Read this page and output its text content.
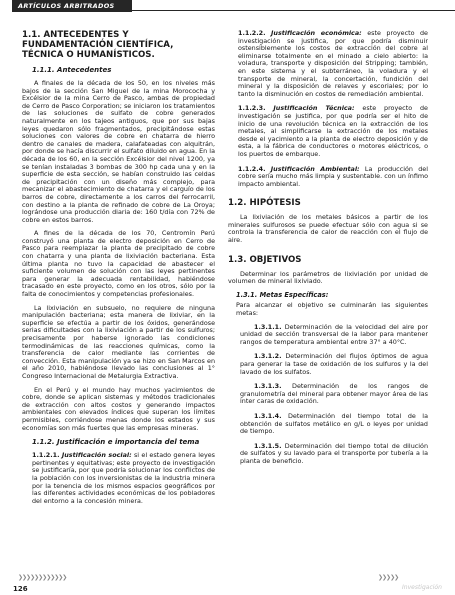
ARTÍCULOS ARBITRADOS
1.1. ANTECEDENTES Y FUNDAMENTACIÓN CIENTÍFICA, TÉCNICA O HUMANÍSTICOS.
1.1.1. Antecedentes

A finales de la década de los 50, en los niveles más bajos de la sección San Miguel de la mina Morococha y Excélsior de la mina Cerro de Pasco, ambas de propiedad de Cerro de Pasco Corporation; se iniciaron los tratamientos de las soluciones de sulfato de cobre generados naturalmente en los tajeos antiguos, que por sus bajas leyes quedaron sólo fragmentados, precipitándose estas soluciones con valores de cobre en chatarra de hierro dentro de canales de madera, calafateadas con alquitrán, por donde se hacía discurrir el sulfato diluido en agua. En la década de los 60, en la sección Excélsior del nivel 1200, ya se tenían instaladas 3 bombas de 300 hp cada una y en la superficie de esta sección, se habían construido las celdas de precipitación con un diseño más complejo, para mecanizar el abastecimiento de chatarra y el carguío de los barros de cobre, directamente a los carros del ferrocarril, con destino a la planta de refinado de cobre de La Oroya; lográndose una producción diaria de: 160 t/día con 72% de cobre en estos barros.

A fines de la década de los 70, Centromín Perú construyó una planta de electro deposición en Cerro de Pasco para reemplazar la planta de precipitado de cobre con chatarra y una planta de lixiviación bacteriana. Esta última planta no tuvo la capacidad de abastecer el suficiente volumen de solución con las leyes pertinentes para generar la adecuada rentabilidad, habiéndose tracasado en este proyecto, como en los otros, sólo por la falta de conocimientos y competencias profesionales.

La lixiviación en subsuelo, no requiere de ninguna manipulación bacteriana; esta manera de lixiviar, en la superficie se efectúa a partir de los óxidos, generándose serias dificultades con la lixiviación a partir de los sulfuros; precisamente por haberse ignorado las condiciones termodinámicas de las reacciones químicas, como la transferencia de calor mediante las corrientes de convección. Esta manipulación ya se hizo en San Marcos en el año 2010, habiéndose llevado las conclusiones al 1° Congreso Internacional de Metalurgia Extractiva.

En el Perú y el mundo hay muchos yacimientos de cobre, donde se aplican sistemas y métodos tradicionales de extracción con altos costos y generando impactos ambientales con elevados índices que superan los límites permisibles, corriéndose menas donde los estados y sus economías son más fuertes que las empresas mineras.

1.1.2. Justificación e importancia del tema
1.1.2.1. Justificación social: si el estado genera leyes pertinentes y equitativas; este proyecto de investigación se justificaría, por que podría solucionar los conflictos de la población con los inversionistas de la industria minera por la tenencia de los mismos espacios geográficos por las diferentes actividades económicas de los pobladores del entorno a la concesión minera.
1.1.2.2. Justificación económica: este proyecto de investigación se justifica, por que podría disminuir ostensiblemente los costos de extracción del cobre al eliminarse totalmente en el minado a cielo abierto: la voladura, transporte y disposición del Stripping; también, en este sistema y el subterráneo, la voladura y el transporte de mineral, la concertación, fundición del mineral y la disposición de relaves y escoriales; por lo tanto la disminución en costos de remediación ambiental.
1.1.2.3. Justificación Técnica: este proyecto de investigación se justifica, por que podría ser el hito de inicio de una revolución técnica en la extracción de los metales, al simplificarse la extracción de los metales desde el yacimiento a la planta de electro deposición y de esta, a la fábrica de conductores o motores eléctricos, o los puertos de embarque.
1.1.2.4. Justificación Ambiental: La producción del cobre sería mucho más limpia y sustentable. con un ínfimo impacto ambiental.
1.2. HIPÓTESIS

La lixiviación de los metales básicos a partir de los minerales sulfurosos se puede efectuar sólo con agua si se controla la transferencia de calor de reacción con el flujo de aire.

1.3. OBJETIVOS

Determinar los parámetros de lixiviación por unidad de volumen de mineral lixiviado.

1.3.1. Metas Específicas:

Para alcanzar el objetivo se culminarán las siguientes metas:

1.3.1.1. Determinación de la velocidad del aire por unidad de sección transversal de la labor para mantener rangos de temperatura ambiental entre 37° a 40°C.
1.3.1.2. Determinación del flujos óptimos de agua para generar la tase de oxidación de los sulfuros y la del lavado de los sulfatos.
1.3.1.3. Determinación de los rangos de granulometría del mineral para obtener mayor área de las inter caras de oxidación.
1.3.1.4. Determinación del tiempo total de la obtención de sulfatos metálico en g/L o leyes por unidad de tiempo.
1.3.1.5. Determinación del tiempo total de dilución de sulfatos y su lavado para el transporte por tubería a la planta de beneficio.
❯❯❯❯❯❯❯❯❯❯❯❯	❯❯❯❯❯
126	Investigación
